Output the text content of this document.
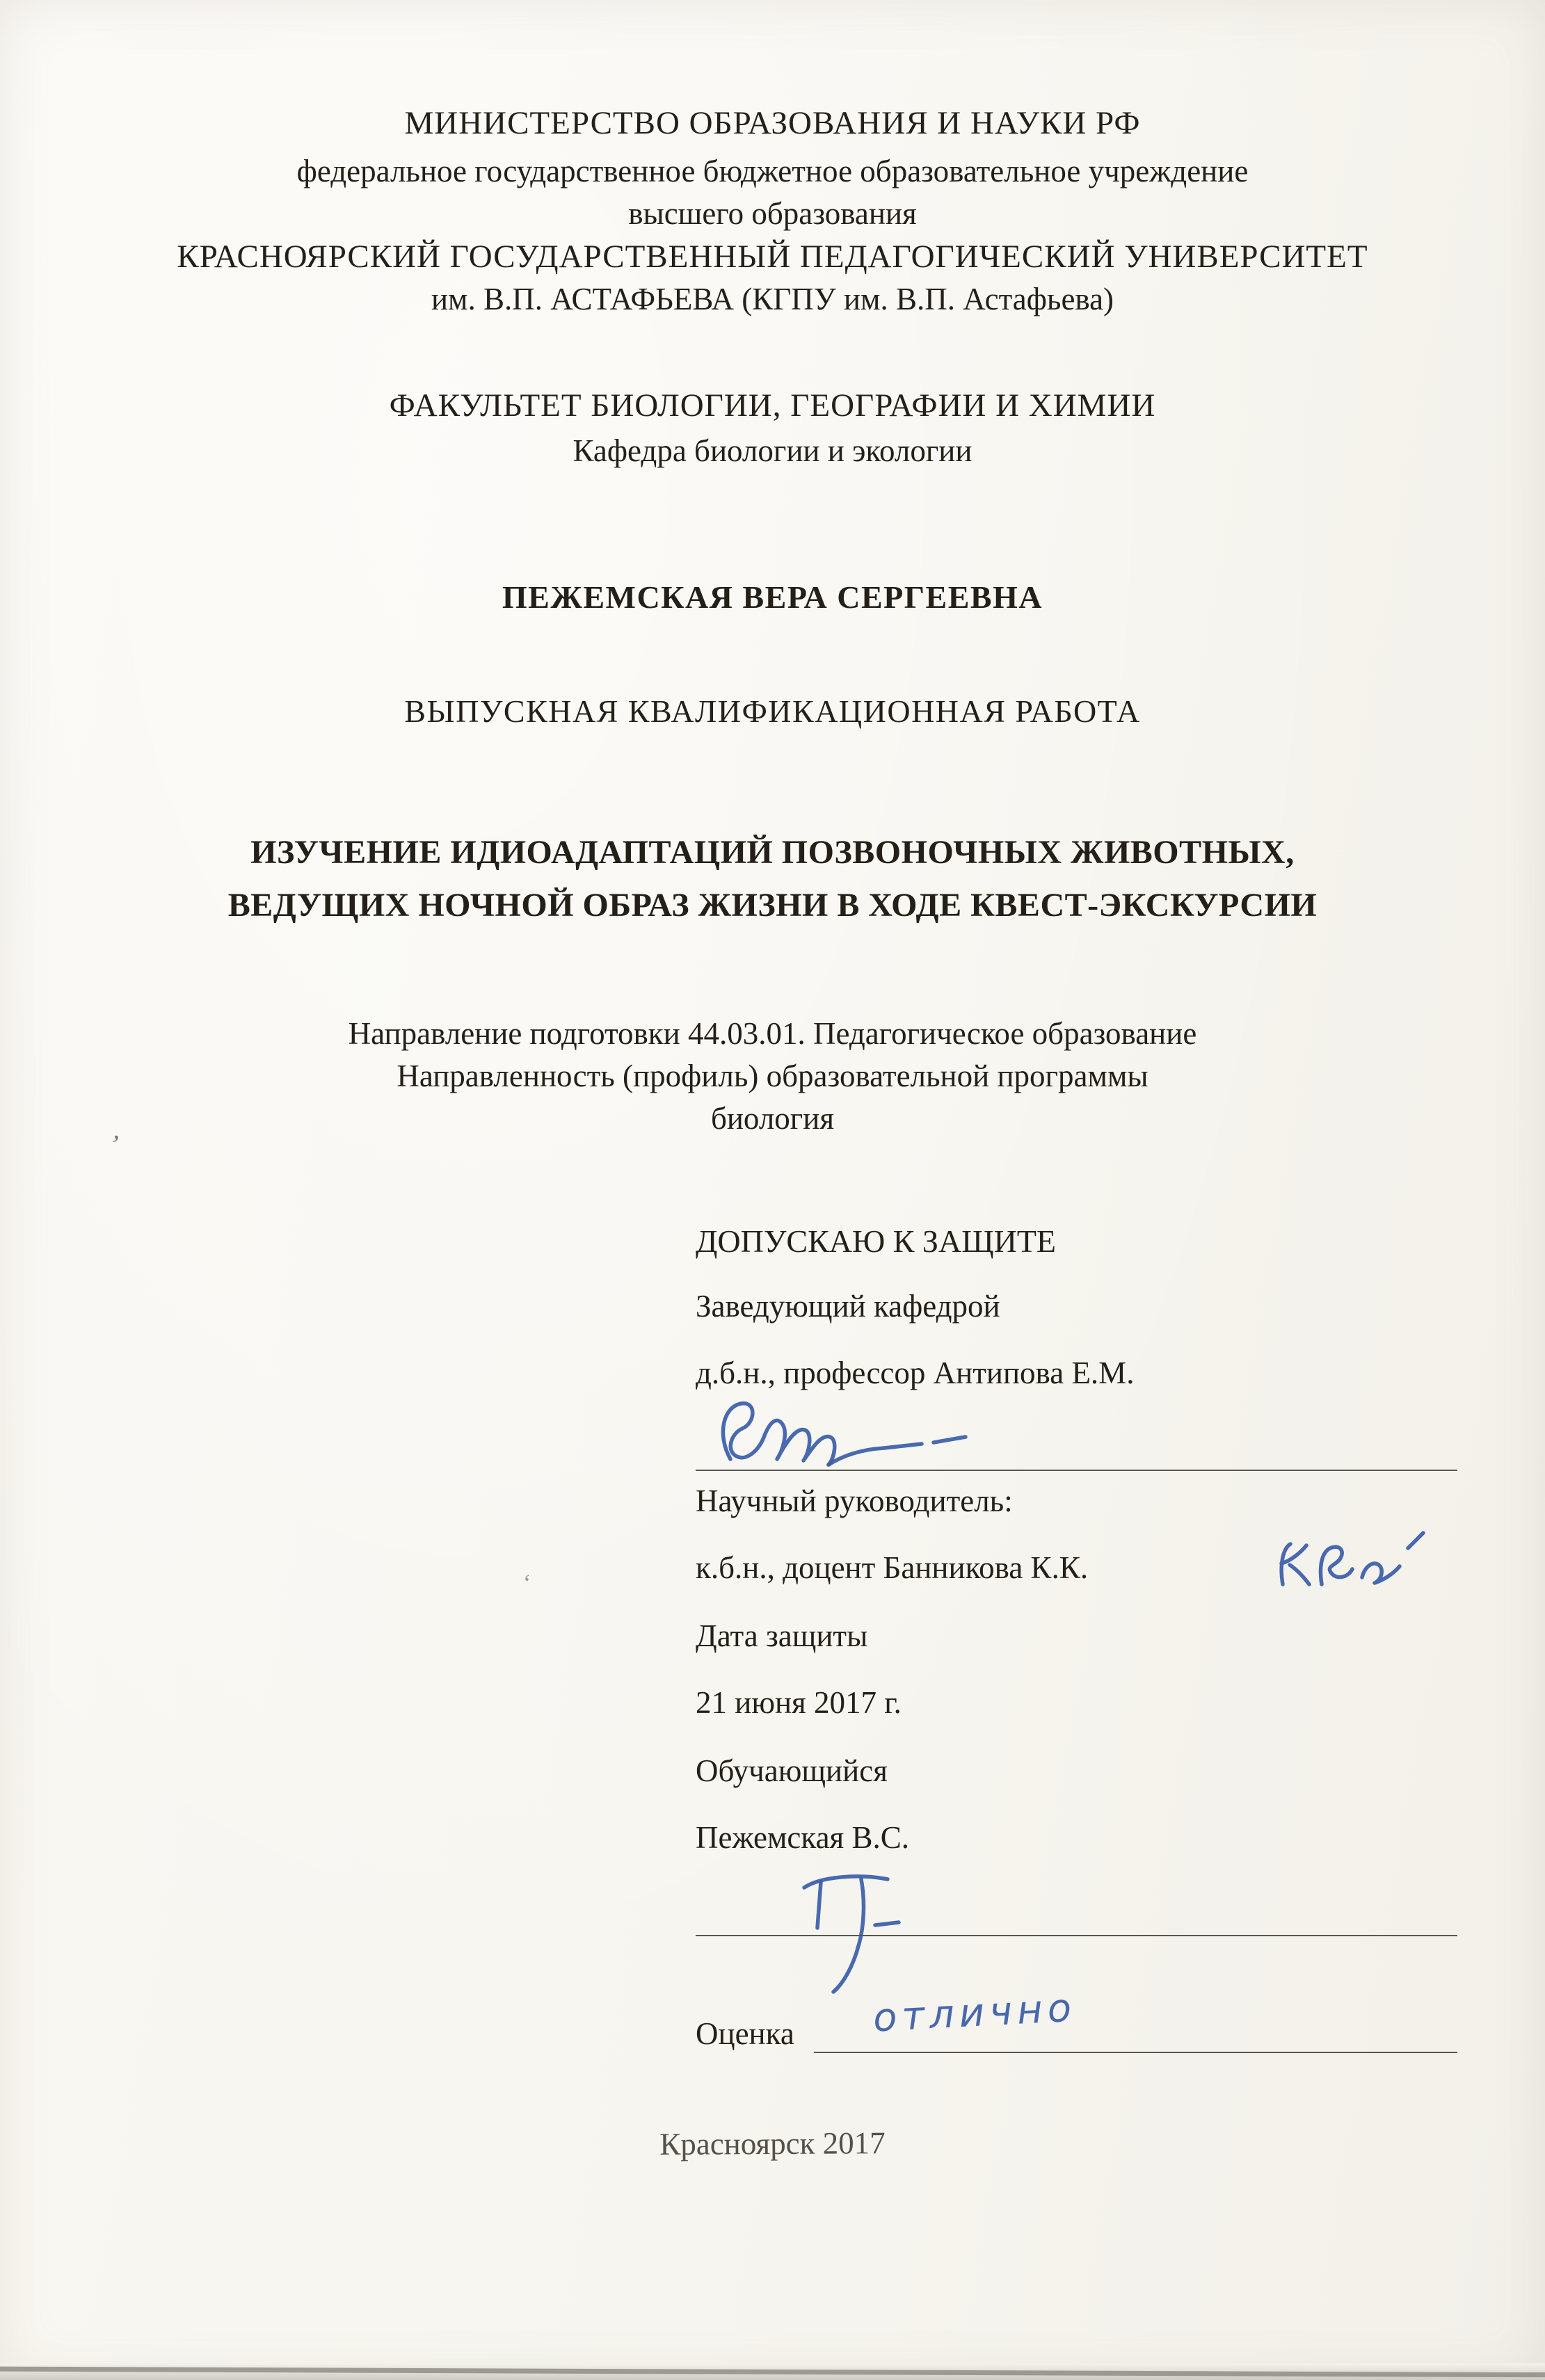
МИНИСТЕРСТВО ОБРАЗОВАНИЯ И НАУКИ РФ
федеральное государственное бюджетное образовательное учреждение
высшего образования
КРАСНОЯРСКИЙ ГОСУДАРСТВЕННЫЙ ПЕДАГОГИЧЕСКИЙ УНИВЕРСИТЕТ
им. В.П. АСТАФЬЕВА (КГПУ им. В.П. Астафьева)
ФАКУЛЬТЕТ БИОЛОГИИ, ГЕОГРАФИИ И ХИМИИ
Кафедра биологии и экологии
ПЕЖЕМСКАЯ ВЕРА СЕРГЕЕВНА
ВЫПУСКНАЯ КВАЛИФИКАЦИОННАЯ РАБОТА
ИЗУЧЕНИЕ ИДИОАДАПТАЦИЙ ПОЗВОНОЧНЫХ ЖИВОТНЫХ,
ВЕДУЩИХ НОЧНОЙ ОБРАЗ ЖИЗНИ В ХОДЕ КВЕСТ-ЭКСКУРСИИ
Направление подготовки 44.03.01. Педагогическое образование
Направленность (профиль) образовательной программы
биология
ДОПУСКАЮ К ЗАЩИТЕ
Заведующий кафедрой
д.б.н., профессор Антипова Е.М.
Научный руководитель:
к.б.н., доцент Банникова К.К.
Дата защиты
21 июня 2017 г.
Обучающийся
Пежемская В.С.
Оценка отлично
Красноярск 2017
’
‘
